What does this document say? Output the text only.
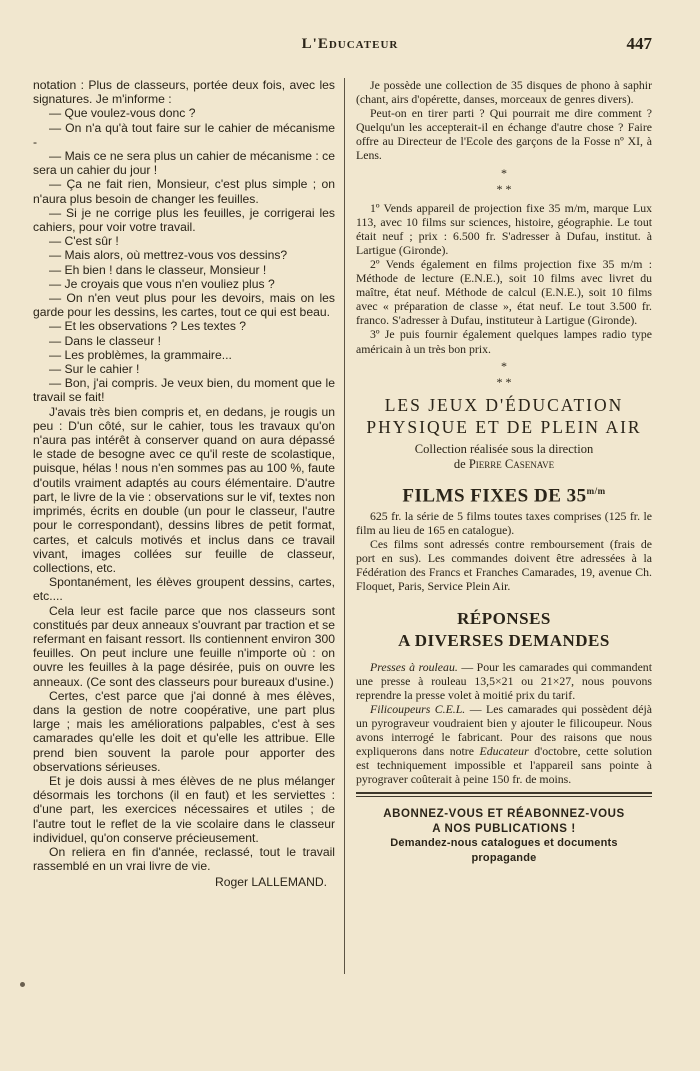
L'Educateur	447

notation : Plus de classeurs, portée deux fois, avec les signatures. Je m'informe :

— Que voulez-vous donc ?

— On n'a qu'à tout faire sur le cahier de mécanisme -

— Mais ce ne sera plus un cahier de mécanisme : ce sera un cahier du jour !

— Ça ne fait rien, Monsieur, c'est plus simple ; on n'aura plus besoin de changer les feuilles.

— Si je ne corrige plus les feuilles, je corrigerai les cahiers, pour voir votre travail.

— C'est sûr !

— Mais alors, où mettrez-vous vos dessins?

— Eh bien ! dans le classeur, Monsieur !

— Je croyais que vous n'en vouliez plus ?

— On n'en veut plus pour les devoirs, mais on les garde pour les dessins, les cartes, tout ce qui est beau.

— Et les observations ? Les textes ?

— Dans le classeur !

— Les problèmes, la grammaire...

— Sur le cahier !

— Bon, j'ai compris. Je veux bien, du moment que le travail se fait!

J'avais très bien compris et, en dedans, je rougis un peu : D'un côté, sur le cahier, tous les travaux qu'on n'aura pas intérêt à conserver quand on aura dépassé le stade de besogne avec ce qu'il reste de scolastique, puisque, hélas ! nous n'en sommes pas au 100 %, faute d'outils vraiment adaptés au cours élémentaire. D'autre part, le livre de la vie : observations sur le vif, textes non imprimés, écrits en double (un pour le classeur, l'autre pour le correspondant), dessins libres de petit format, cartes, et calculs motivés et inclus dans ce travail vivant, images collées sur feuille de classeur, collections, etc.

Spontanément, les élèves groupent dessins, cartes, etc....

Cela leur est facile parce que nos classeurs sont constitués par deux anneaux s'ouvrant par traction et se refermant en faisant ressort. Ils contiennent environ 300 feuilles. On peut inclure une feuille n'importe où : on ouvre les feuilles à la page désirée, puis on ouvre les anneaux. (Ce sont des classeurs pour bureaux d'usine.)

Certes, c'est parce que j'ai donné à mes élèves, dans la gestion de notre coopérative, une part plus large ; mais les améliorations palpables, c'est à ses camarades qu'elle les doit et qu'elle les attribue. Elle prend bien souvent la parole pour apporter des observations sérieuses.

Et je dois aussi à mes élèves de ne plus mélanger désormais les torchons (il en faut) et les serviettes : d'une part, les exercices nécessaires et utiles ; de l'autre tout le reflet de la vie scolaire dans le classeur individuel, qu'on conserve précieusement.

On reliera en fin d'année, reclassé, tout le travail rassemblé en un vrai livre de vie.

Roger LALLEMAND.

Je possède une collection de 35 disques de phono à saphir (chant, airs d'opérette, danses, morceaux de genres divers).

Peut-on en tirer parti ? Qui pourrait me dire comment ? Quelqu'un les accepterait-il en échange d'autre chose ? Faire offre au Directeur de l'Ecole des garçons de la Fosse nº XI, à Lens.

*
* *

1º Vends appareil de projection fixe 35 m/m, marque Lux 113, avec 10 films sur sciences, histoire, géographie. Le tout était neuf ; prix : 6.500 fr. S'adresser à Dufau, institut. à Lartigue (Gironde).

2º Vends également en films projection fixe 35 m/m : Méthode de lecture (E.N.E.), soit 10 films avec livret du maître, état neuf. Méthode de calcul (E.N.E.), soit 10 films avec « préparation de classe », état neuf. Le tout 3.500 fr. franco. S'adresser à Dufau, instituteur à Lartigue (Gironde).

3º Je puis fournir également quelques lampes radio type américain à un très bon prix.

*
* *
LES JEUX D'ÉDUCATION
PHYSIQUE ET DE PLEIN AIR
Collection réalisée sous la direction
de Pierre Casenave
FILMS FIXES DE $35^{m/m}$

625 fr. la série de 5 films toutes taxes comprises (125 fr. le film au lieu de 165 en catalogue).

Ces films sont adressés contre remboursement (frais de port en sus). Les commandes doivent être adressées à la Fédération des Francs et Franches Camarades, 19, avenue Ch. Floquet, Paris, Service Plein Air.

RÉPONSES
A DIVERSES DEMANDES

Presses à rouleau. — Pour les camarades qui commandent une presse à rouleau 13,5×21 ou 21×27, nous pouvons reprendre la presse volet à moitié prix du tarif.

Filicoupeurs C.E.L. — Les camarades qui possèdent déjà un pyrograveur voudraient bien y ajouter le filicoupeur. Nous avons interrogé le fabricant. Pour des raisons que nous expliquerons dans notre Educateur d'octobre, cette solution est techniquement impossible et l'appareil sans pointe à pyrograver coûterait à peine 150 fr. de moins.

ABONNEZ-VOUS ET RÉABONNEZ-VOUS
A NOS PUBLICATIONS !
Demandez-nous catalogues et documents
propagande
